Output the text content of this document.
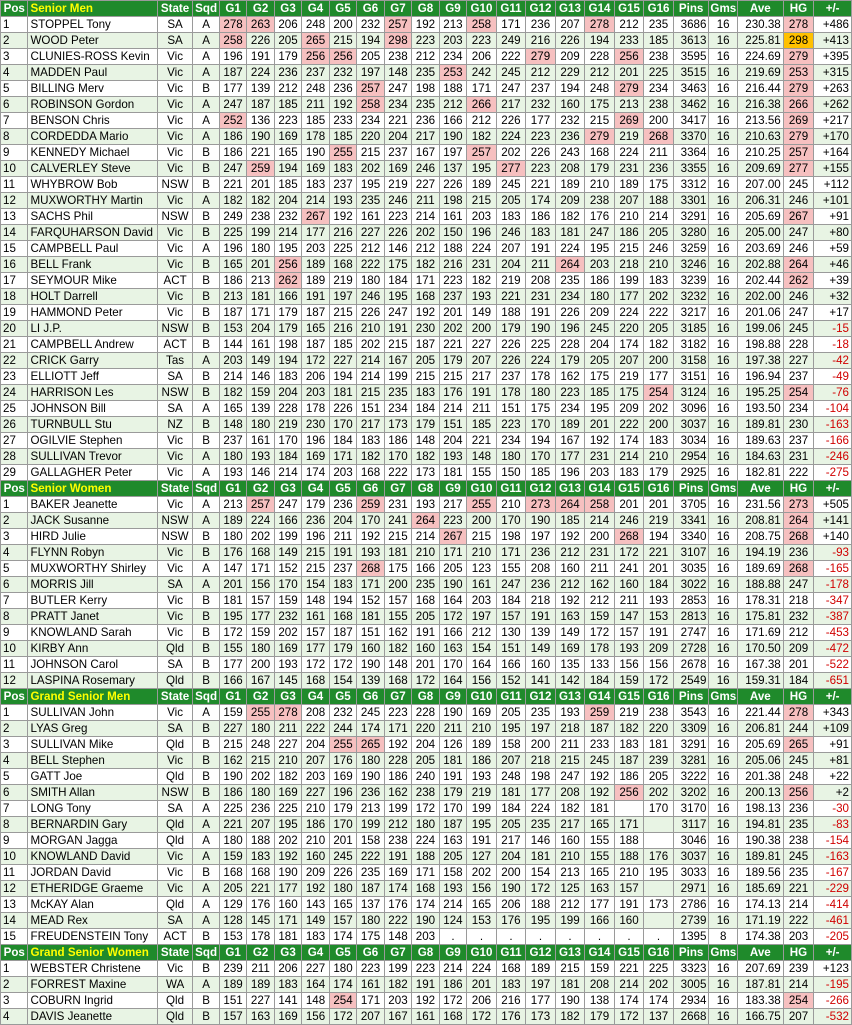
Pos	Senior Men	State	Sqd	G1	G2	G3	G4	G5	G6	G7	G8	G9	G10	G11	G12	G13	G14	G15	G16	Pins	Gms	Ave	HG	+/-
1	STOPPEL Tony	SA	A	278	263	206	248	200	232	257	192	213	258	171	236	207	278	212	235	3686	16	230.38	278	+486
2	WOOD Peter	SA	A	258	226	205	265	215	194	298	223	203	223	249	216	226	194	233	185	3613	16	225.81	298	+413
3	CLUNIES-ROSS Kevin	Vic	A	196	191	179	256	256	205	238	212	234	206	222	279	209	228	256	238	3595	16	224.69	279	+395
4	MADDEN Paul	Vic	A	187	224	236	237	232	197	148	235	253	242	245	212	229	212	201	225	3515	16	219.69	253	+315
5	BILLING Merv	Vic	B	177	139	212	248	236	257	247	198	188	171	247	237	194	248	279	234	3463	16	216.44	279	+263
6	ROBINSON Gordon	Vic	A	247	187	185	211	192	258	234	235	212	266	217	232	160	175	213	238	3462	16	216.38	266	+262
7	BENSON Chris	Vic	A	252	136	223	185	233	234	221	236	166	212	226	177	232	215	269	200	3417	16	213.56	269	+217
8	CORDEDDA Mario	Vic	A	186	190	169	178	185	220	204	217	190	182	224	223	236	279	219	268	3370	16	210.63	279	+170
9	KENNEDY Michael	Vic	B	186	221	165	190	255	215	237	167	197	257	202	226	243	168	224	211	3364	16	210.25	257	+164
10	CALVERLEY Steve	Vic	B	247	259	194	169	183	202	169	246	137	195	277	223	208	179	231	236	3355	16	209.69	277	+155
11	WHYBROW Bob	NSW	B	221	201	185	183	237	195	219	227	226	189	245	221	189	210	189	175	3312	16	207.00	245	+112
12	MUXWORTHY Martin	Vic	A	182	182	204	214	193	235	246	211	198	215	205	174	209	238	207	188	3301	16	206.31	246	+101
13	SACHS Phil	NSW	B	249	238	232	267	192	161	223	214	161	203	183	186	182	176	210	214	3291	16	205.69	267	+91
14	FARQUHARSON David	Vic	B	225	199	214	177	216	227	226	202	150	196	246	183	181	247	186	205	3280	16	205.00	247	+80
15	CAMPBELL Paul	Vic	A	196	180	195	203	225	212	146	212	188	224	207	191	224	195	215	246	3259	16	203.69	246	+59
16	BELL Frank	Vic	B	165	201	256	189	168	222	175	182	216	231	204	211	264	203	218	210	3246	16	202.88	264	+46
17	SEYMOUR Mike	ACT	B	186	213	262	189	219	180	184	171	223	182	219	208	235	186	199	183	3239	16	202.44	262	+39
18	HOLT Darrell	Vic	B	213	181	166	191	197	246	195	168	237	193	221	231	234	180	177	202	3232	16	202.00	246	+32
19	HAMMOND Peter	Vic	B	187	171	179	187	215	226	247	192	201	149	188	191	226	209	224	222	3217	16	201.06	247	+17
20	LI J.P.	NSW	B	153	204	179	165	216	210	191	230	202	200	179	190	196	245	220	205	3185	16	199.06	245	-15
21	CAMPBELL Andrew	ACT	B	144	161	198	187	185	202	215	187	221	227	226	225	228	204	174	182	3182	16	198.88	228	-18
22	CRICK Garry	Tas	A	203	149	194	172	227	214	167	205	179	207	226	224	179	205	207	200	3158	16	197.38	227	-42
23	ELLIOTT Jeff	SA	B	214	146	183	206	194	214	199	215	215	217	237	178	162	175	219	177	3151	16	196.94	237	-49
24	HARRISON Les	NSW	B	182	159	204	203	181	215	235	183	176	191	178	180	223	185	175	254	3124	16	195.25	254	-76
25	JOHNSON Bill	SA	A	165	139	228	178	226	151	234	184	214	211	151	175	234	195	209	202	3096	16	193.50	234	-104
26	TURNBULL Stu	NZ	B	148	180	219	230	170	217	173	179	151	185	223	170	189	201	222	200	3037	16	189.81	230	-163
27	OGILVIE Stephen	Vic	B	237	161	170	196	184	183	186	148	204	221	234	194	167	192	174	183	3034	16	189.63	237	-166
28	SULLIVAN Trevor	Vic	A	180	193	184	169	171	182	170	182	193	148	180	170	177	231	214	210	2954	16	184.63	231	-246
29	GALLAGHER Peter	Vic	A	193	146	214	174	203	168	222	173	181	155	150	185	196	203	183	179	2925	16	182.81	222	-275
Pos	Senior Women	State	Sqd	G1	G2	G3	G4	G5	G6	G7	G8	G9	G10	G11	G12	G13	G14	G15	G16	Pins	Gms	Ave	HG	+/-
1	BAKER Jeanette	Vic	A	213	257	247	179	236	259	231	193	217	255	210	273	264	258	201	201	3705	16	231.56	273	+505
2	JACK Susanne	NSW	A	189	224	166	236	204	170	241	264	223	200	170	190	185	214	246	219	3341	16	208.81	264	+141
3	HIRD Julie	NSW	B	180	202	199	196	211	192	215	214	267	215	198	197	192	200	268	194	3340	16	208.75	268	+140
4	FLYNN Robyn	Vic	B	176	168	149	215	191	193	181	210	171	210	171	236	212	231	172	221	3107	16	194.19	236	-93
5	MUXWORTHY Shirley	Vic	A	147	171	152	215	237	268	175	166	205	123	155	208	160	211	241	201	3035	16	189.69	268	-165
6	MORRIS Jill	SA	A	201	156	170	154	183	171	200	235	190	161	247	236	212	162	160	184	3022	16	188.88	247	-178
7	BUTLER Kerry	Vic	B	181	157	159	148	194	152	157	168	164	203	184	218	192	212	211	193	2853	16	178.31	218	-347
8	PRATT Janet	Vic	B	195	177	232	161	168	181	155	205	172	197	157	191	163	159	147	153	2813	16	175.81	232	-387
9	KNOWLAND Sarah	Vic	B	172	159	202	157	187	151	162	191	166	212	130	139	149	172	157	191	2747	16	171.69	212	-453
10	KIRBY Ann	Qld	B	155	180	169	177	179	160	182	160	163	154	151	149	169	178	193	209	2728	16	170.50	209	-472
11	JOHNSON Carol	SA	B	177	200	193	172	172	190	148	201	170	164	166	160	135	133	156	156	2678	16	167.38	201	-522
12	LASPINA Rosemary	Qld	B	166	167	145	168	154	139	168	172	164	156	152	141	142	184	159	172	2549	16	159.31	184	-651
Pos	Grand Senior Men	State	Sqd	G1	G2	G3	G4	G5	G6	G7	G8	G9	G10	G11	G12	G13	G14	G15	G16	Pins	Gms	Ave	HG	+/-
1	SULLIVAN John	Vic	A	159	255	278	208	232	245	223	228	190	169	205	235	193	259	219	238	3543	16	221.44	278	+343
2	LYAS Greg	SA	B	227	180	211	222	244	174	171	220	211	210	195	197	218	187	182	220	3309	16	206.81	244	+109
3	SULLIVAN Mike	Qld	B	215	248	227	204	255	265	192	204	126	189	158	200	211	233	183	181	3291	16	205.69	265	+91
4	BELL Stephen	Vic	B	162	215	210	207	176	180	228	205	181	186	207	218	215	245	187	239	3281	16	205.06	245	+81
5	GATT Joe	Qld	B	190	202	182	203	169	190	186	240	191	193	248	198	247	192	186	205	3222	16	201.38	248	+22
6	SMITH Allan	NSW	B	186	180	169	227	196	236	162	238	179	219	181	177	208	192	256	202	3202	16	200.13	256	+2
7	LONG Tony	SA	A	225	236	225	210	179	213	199	172	170	199	184	224	182	181		170	3170	16	198.13	236	-30
8	BERNARDIN Gary	Qld	A	221	207	195	186	170	199	212	180	187	195	205	235	217	165	171		3117	16	194.81	235	-83
9	MORGAN Jagga	Qld	A	180	188	202	210	201	158	238	224	163	191	217	146	160	155	188		3046	16	190.38	238	-154
10	KNOWLAND David	Vic	A	159	183	192	160	245	222	191	188	205	127	204	181	210	155	188	176	3037	16	189.81	245	-163
11	JORDAN David	Vic	B	168	168	190	209	226	235	169	171	158	202	200	154	213	165	210	195	3033	16	189.56	235	-167
12	ETHERIDGE Graeme	Vic	A	205	221	177	192	180	187	174	168	193	156	190	172	125	163	157		2971	16	185.69	221	-229
13	McKAY Alan	Qld	A	129	176	160	143	165	137	176	174	214	165	206	188	212	177	191	173	2786	16	174.13	214	-414
14	MEAD Rex	SA	A	128	145	171	149	157	180	222	190	124	153	176	195	199	166	160		2739	16	171.19	222	-461
15	FREUDENSTEIN Tony	ACT	B	153	178	181	183	174	175	148	203	.	.	.	.	.	.	.	.	1395	8	174.38	203	-205
Pos	Grand Senior Women	State	Sqd	G1	G2	G3	G4	G5	G6	G7	G8	G9	G10	G11	G12	G13	G14	G15	G16	Pins	Gms	Ave	HG	+/-
1	WEBSTER Christene	Vic	B	239	211	206	227	180	223	199	223	214	224	168	189	215	159	221	225	3323	16	207.69	239	+123
2	FORREST Maxine	WA	A	189	189	183	164	174	161	182	191	186	201	183	197	181	208	214	202	3005	16	187.81	214	-195
3	COBURN Ingrid	Qld	B	151	227	141	148	254	171	203	192	172	206	216	177	190	138	174	174	2934	16	183.38	254	-266
4	DAVIS Jeanette	Qld	B	157	163	169	156	172	207	167	161	168	172	176	173	182	179	172	137	2668	16	166.75	207	-532
